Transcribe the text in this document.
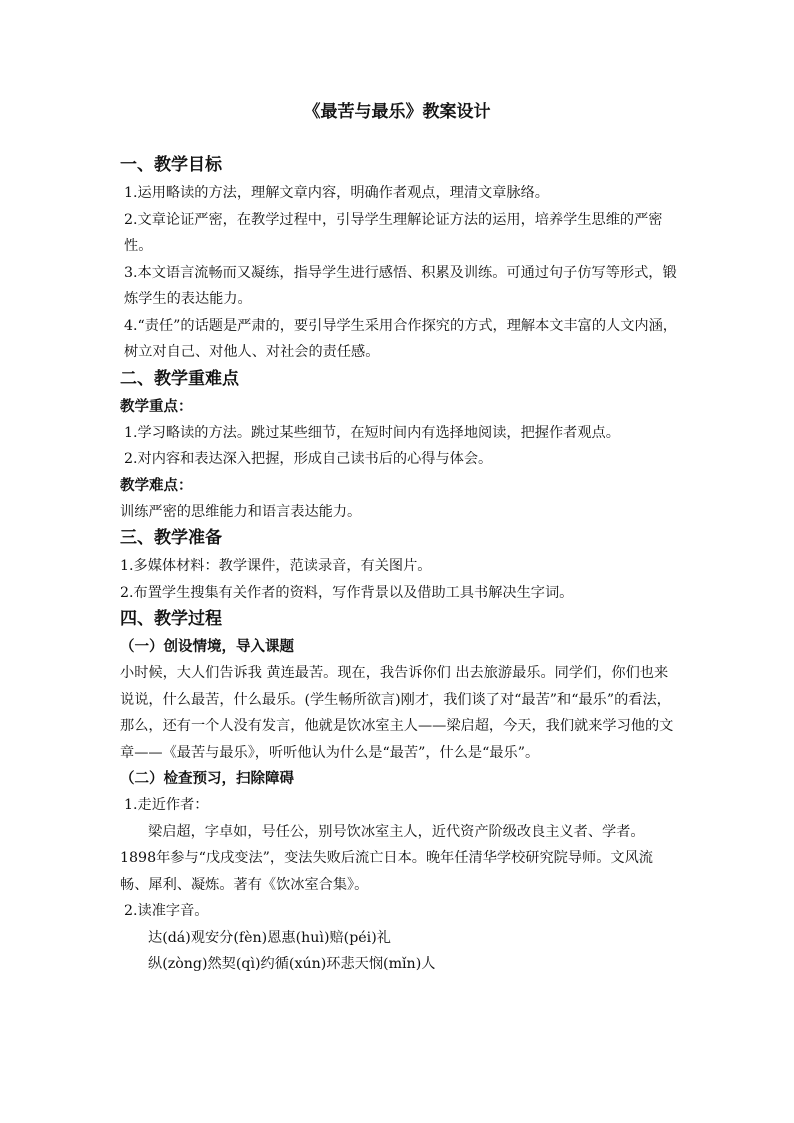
《最苦与最乐》教案设计
一、教学目标
1.运用略读的方法，理解文章内容，明确作者观点，理清文章脉络。
2.文章论证严密，在教学过程中，引导学生理解论证方法的运用，培养学生思维的严密性。
3.本文语言流畅而又凝练，指导学生进行感悟、积累及训练。可通过句子仿写等形式，锻炼学生的表达能力。
4.“责任”的话题是严肃的，要引导学生采用合作探究的方式，理解本文丰富的人文内涵，树立对自己、对他人、对社会的责任感。
二、教学重难点
教学重点：
1.学习略读的方法。跳过某些细节，在短时间内有选择地阅读，把握作者观点。
2.对内容和表达深入把握，形成自己读书后的心得与体会。
教学难点：
训练严密的思维能力和语言表达能力。
三、教学准备
1.多媒体材料：教学课件，范读录音，有关图片。
2.布置学生搜集有关作者的资料，写作背景以及借助工具书解决生字词。
四、教学过程
（一）创设情境，导入课题
小时候，大人们告诉我 黄连最苦。现在，我告诉你们 出去旅游最乐。同学们，你们也来说说，什么最苦，什么最乐。(学生畅所欲言)刚才，我们谈了对“最苦”和“最乐”的看法，那么，还有一个人没有发言，他就是饮冰室主人——梁启超，今天，我们就来学习他的文章——《最苦与最乐》，听听他认为什么是“最苦”，什么是“最乐”。
（二）检查预习，扫除障碍
1.走近作者：
梁启超，字卓如，号任公，别号饮冰室主人，近代资产阶级改良主义者、学者。1898年参与“戊戌变法”，变法失败后流亡日本。晚年任清华学校研究院导师。文风流畅、犀利、凝炼。著有《饮冰室合集》。
2.读准字音。
达(dá)观安分(fèn)恩惠(huì)赔(péi)礼
纵(zòng)然契(qì)约循(xún)环悲天悯(mǐn)人
